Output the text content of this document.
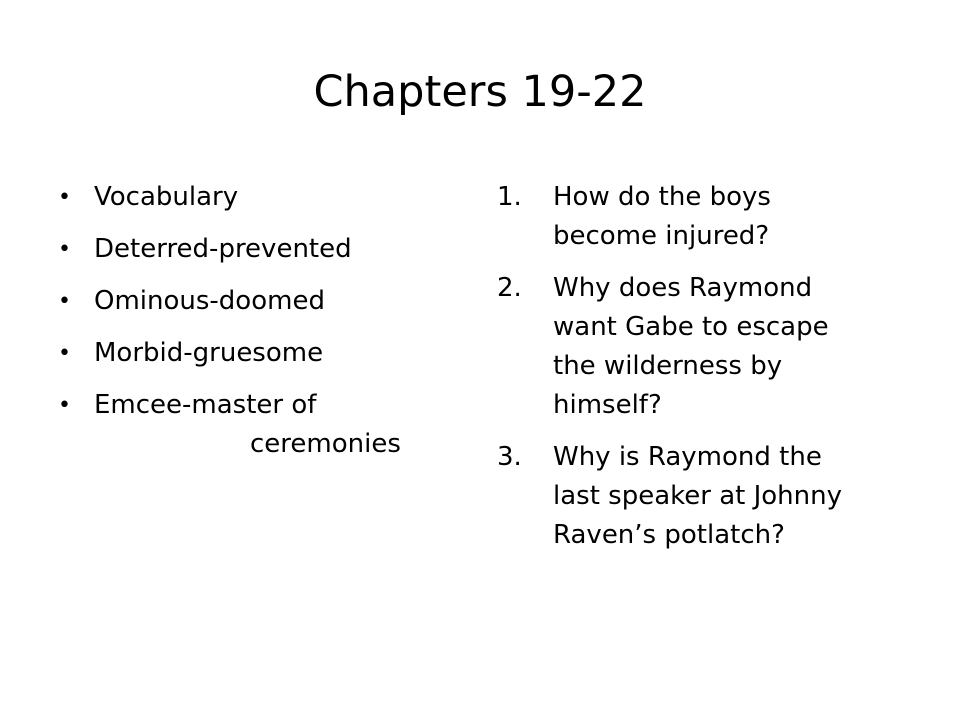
Chapters 19-22
• Vocabulary
• Deterred-prevented
• Ominous-doomed
• Morbid-gruesome
• Emcee-master of
ceremonies
1. How do the boys
become injured?
2. Why does Raymond
want Gabe to escape
the wilderness by
himself?
3. Why is Raymond the
last speaker at Johnny
Raven’s potlatch?
